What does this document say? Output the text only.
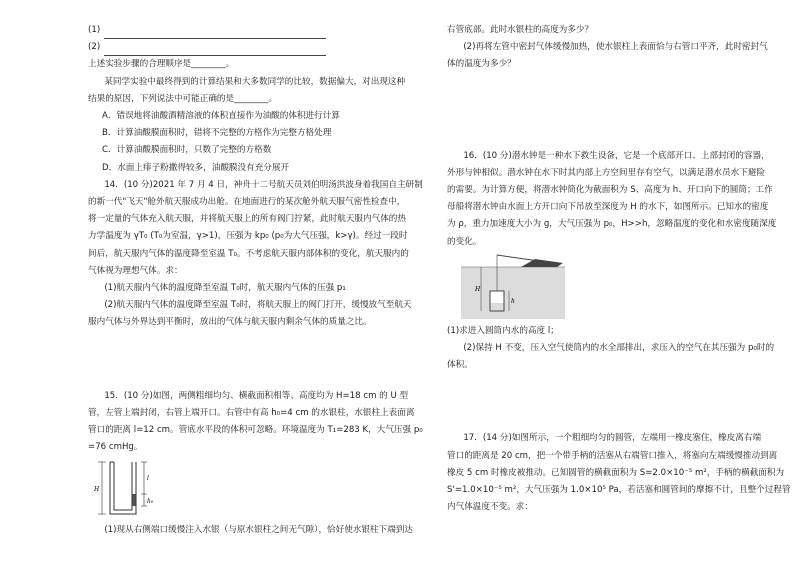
(1)
(2)
上述实验步骤的合理顺序是________。
某同学实验中最终得到的计算结果和大多数同学的比较，数据偏大，对出现这种
结果的原因，下列说法中可能正确的是________。
A．错误地将油酸酒精溶液的体积直接作为油酸的体积进行计算
B．计算油酸膜面积时，错将不完整的方格作为完整方格处理
C．计算油酸膜面积时，只数了完整的方格数
D．水面上痱子粉撒得较多，油酸膜没有充分展开
14．(10 分)2021 年 7 月 4 日，神舟十二号航天员刘伯明汤洪波身着我国自主研制
的新一代"飞天"舱外航天服成功出舱。在地面进行的某次舱外航天服气密性检查中，
将一定量的气体充入航天服，并将航天服上的所有阀门拧紧，此时航天服内气体的热
力学温度为 γT₀ (T₀为室温，γ>1)，压强为 kp₀ (p₀为大气压强，k>γ)。经过一段时
间后，航天服内气体的温度降至室温 T₀。不考虑航天服内部体积的变化，航天服内的
气体视为理想气体。求：
(1)航天服内气体的温度降至室温 T₀时，航天服内气体的压强 p₁
(2)航天服内气体的温度降至室温 T₀时，将航天服上的阀门打开，缓慢放气至航天
服内气体与外界达到平衡时，放出的气体与航天服内剩余气体的质量之比。
15．(10 分)如图，两侧粗细均匀、横截面积相等、高度均为 H=18 cm 的 U 型
管，左管上端封闭，右管上端开口。右管中有高 h₀=4 cm 的水银柱，水银柱上表面离
管口的距离 l=12 cm。管底水平段的体积可忽略。环境温度为 T₁=283 K，大气压强 p₀
=76 cmHg。
H
l
h₀
(1)现从右侧端口缓慢注入水银（与原水银柱之间无气隙），恰好使水银柱下端到达
右管底部。此时水银柱的高度为多少？
(2)再将左管中密封气体缓慢加热，使水银柱上表面恰与右管口平齐，此时密封气
体的温度为多少？
16．(10 分)潜水钟是一种水下救生设备，它是一个底部开口、上部封闭的容器，
外形与钟相似。潜水钟在水下时其内部上方空间里存有空气，以满足潜水员水下避险
的需要。为计算方便，将潜水钟简化为截面积为 S、高度为 h、开口向下的圆筒；工作
母船将潜水钟由水面上方开口向下吊放至深度为 H 的水下，如图所示。已知水的密度
为 ρ，重力加速度大小为 g，大气压强为 p₀，H>>h，忽略温度的变化和水密度随深度
的变化。
H
h
(1)求进入圆筒内水的高度 l；
(2)保持 H 不变，压入空气使筒内的水全部排出，求压入的空气在其压强为 p₀时的
体积。
17．(14 分)如图所示，一个粗细均匀的圆管，左端用一橡皮塞住，橡皮离右端
管口的距离是 20 cm，把一个带手柄的活塞从右端管口推入，将塞向左端缓慢推动到离
橡皮 5 cm 时橡皮被推动。已知圆管的横截面积为 S=2.0×10⁻⁵ m²，手柄的横截面积为
S'=1.0×10⁻⁵ m²，大气压强为 1.0×10⁵ Pa，若活塞和圆管间的摩擦不计，且整个过程管
内气体温度不变。求：
